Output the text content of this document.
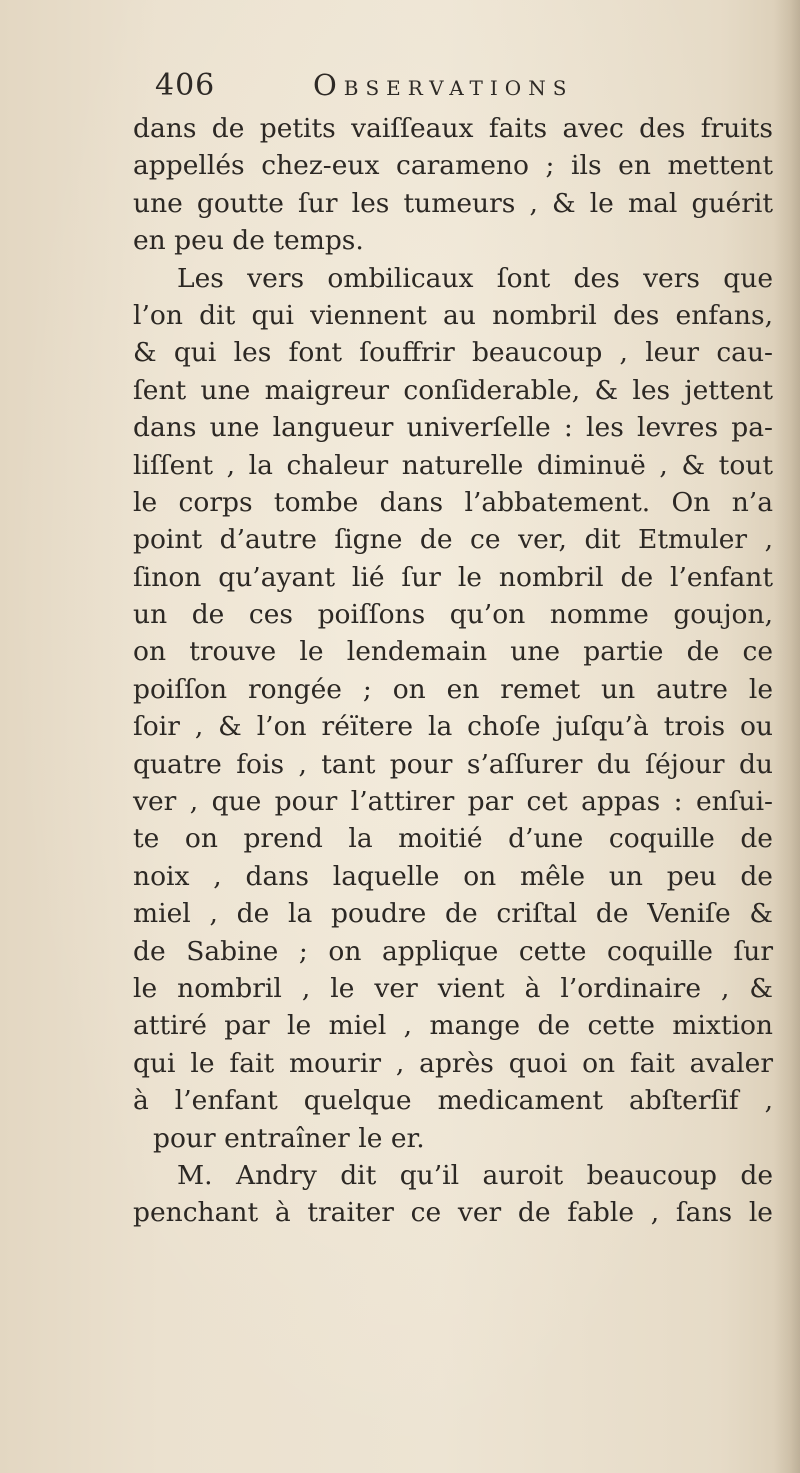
406	Observations
dans de petits vaiſſeaux faits avec des fruits
appellés chez-eux carameno ; ils en mettent
une goutte ſur les tumeurs , & le mal guérit
en peu de temps.
Les vers ombilicaux ſont des vers que
l’on dit qui viennent au nombril des enfans,
& qui les font ſouffrir beaucoup , leur cau-
ſent une maigreur conſiderable, & les jettent
dans une langueur univerſelle : les levres pa-
liſſent , la chaleur naturelle diminuë , & tout
le corps tombe dans l’abbatement. On n’a
point d’autre ſigne de ce ver, dit Etmuler ,
ſinon qu’ayant lié ſur le nombril de l’enfant
un de ces poiſſons qu’on nomme goujon,
on trouve le lendemain une partie de ce
poiſſon rongée ; on en remet un autre le
ſoir , & l’on réïtere la choſe juſqu’à trois ou
quatre fois , tant pour s’aſſurer du ſéjour du
ver , que pour l’attirer par cet appas : enſui-
te on prend la moitié d’une coquille de
noix , dans laquelle on mêle un peu de
miel , de la poudre de criſtal de Veniſe &
de Sabine ; on applique cette coquille ſur
le nombril , le ver vient à l’ordinaire , &
attiré par le miel , mange de cette mixtion
qui le fait mourir , après quoi on fait avaler
à l’enfant quelque medicament abſterſif ,
pour entraîner le er.
M. Andry dit qu’il auroit beaucoup de
penchant à traiter ce ver de fable , ſans le
